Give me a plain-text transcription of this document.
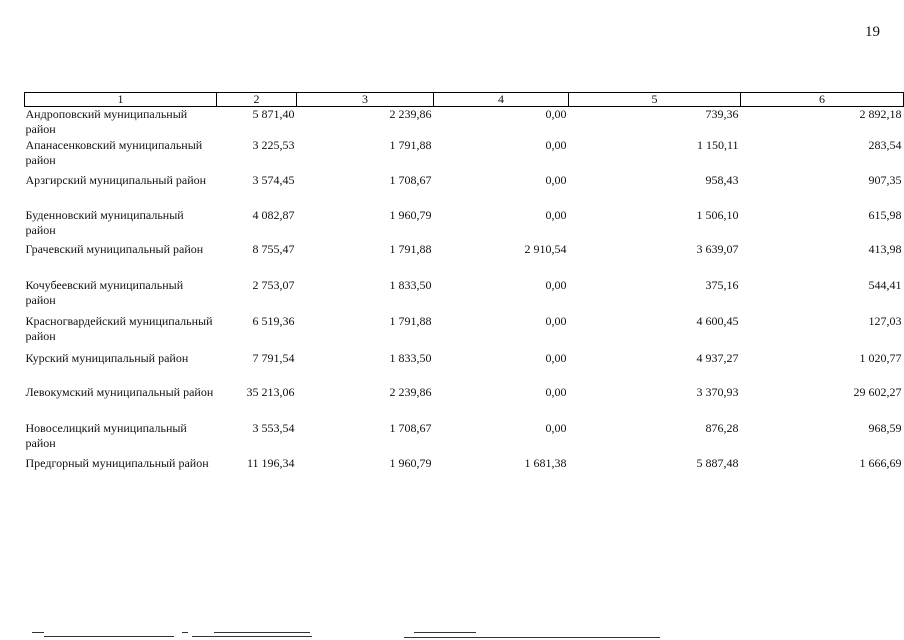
19
1	2	3	4	5	6
Андроповский муниципальный район	5 871,40	2 239,86	0,00	739,36	2 892,18
Апанасенковский муниципальный район	3 225,53	1 791,88	0,00	1 150,11	283,54
Арзгирский муниципальный район	3 574,45	1 708,67	0,00	958,43	907,35
Буденновский муниципальный район	4 082,87	1 960,79	0,00	1 506,10	615,98
Грачевский муниципальный район	8 755,47	1 791,88	2 910,54	3 639,07	413,98
Кочубеевский муниципальный район	2 753,07	1 833,50	0,00	375,16	544,41
Красногвардейский муниципальный район	6 519,36	1 791,88	0,00	4 600,45	127,03
Курский муниципальный район	7 791,54	1 833,50	0,00	4 937,27	1 020,77
Левокумский муниципальный район	35 213,06	2 239,86	0,00	3 370,93	29 602,27
Новоселицкий муниципальный район	3 553,54	1 708,67	0,00	876,28	968,59
Предгорный муниципальный район	11 196,34	1 960,79	1 681,38	5 887,48	1 666,69
